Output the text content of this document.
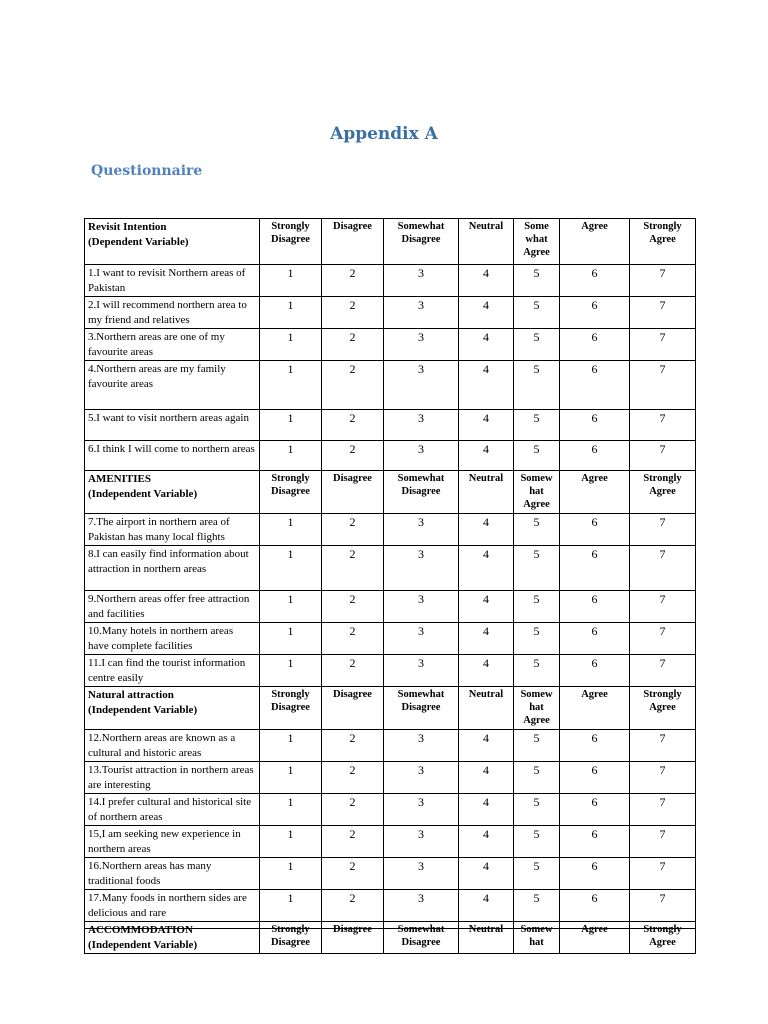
Appendix A
Questionnaire
Revisit Intention
(Dependent Variable)	Strongly Disagree	Disagree	Somewhat Disagree	Neutral	Some what Agree	Agree	Strongly Agree
1.I want to revisit Northern areas of Pakistan	1	2	3	4	5	6	7
2.I will recommend northern area to my friend and relatives	1	2	3	4	5	6	7
3.Northern areas are one of my favourite areas	1	2	3	4	5	6	7
4.Northern areas are my family favourite areas	1	2	3	4	5	6	7
5.I want to visit northern areas again	1	2	3	4	5	6	7
6.I think I will come to northern areas	1	2	3	4	5	6	7

AMENITIES
(Independent Variable)	Strongly Disagree	Disagree	Somewhat Disagree	Neutral	Somew hat Agree	Agree	Strongly Agree
7.The airport in northern area of Pakistan has many local flights	1	2	3	4	5	6	7
8.I can easily find information about attraction in northern areas	1	2	3	4	5	6	7
9.Northern areas offer free attraction and facilities	1	2	3	4	5	6	7
10.Many hotels in northern areas have complete facilities	1	2	3	4	5	6	7
11.I can find the tourist information centre easily	1	2	3	4	5	6	7

Natural attraction
(Independent Variable)	Strongly Disagree	Disagree	Somewhat Disagree	Neutral	Somew hat Agree	Agree	Strongly Agree
12.Northern areas are known as a cultural and historic areas	1	2	3	4	5	6	7
13.Tourist attraction in northern areas are interesting	1	2	3	4	5	6	7
14.I prefer cultural and historical site of northern areas	1	2	3	4	5	6	7
15,I am seeking new experience in northern areas	1	2	3	4	5	6	7
16.Northern areas has many traditional foods	1	2	3	4	5	6	7
17.Many foods in northern sides are delicious and rare	1	2	3	4	5	6	7

ACCOMMODATION
(Independent Variable)	Strongly Disagree	Disagree	Somewhat Disagree	Neutral	Somew hat	Agree	Strongly Agree
